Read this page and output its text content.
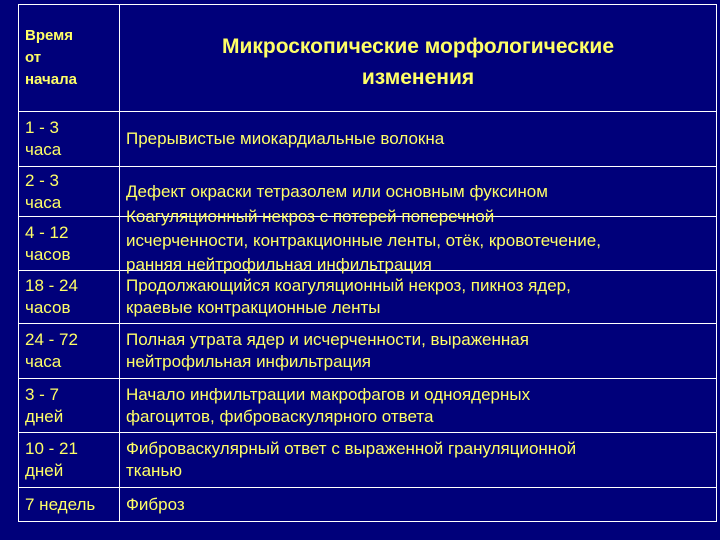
Время
от
начала	Микроскопические морфологические
изменения
1 - 3
часа	Прерывистые миокардиальные волокна
2 - 3
часа	Дефект окраски тетразолем или основным фуксином
4 - 12
часов	Коагуляционный некроз с потерей поперечной
исчерченности, контракционные ленты, отёк, кровотечение,
ранняя нейтрофильная инфильтрация

18 - 24
часов	Продолжающийся коагуляционный некроз, пикноз ядер,
краевые контракционные ленты
24 - 72
часа	Полная утрата ядер и исчерченности, выраженная
нейтрофильная инфильтрация
3 - 7
дней	Начало инфильтрации макрофагов и одноядерных
фагоцитов, фибровaскулярного ответа
10 - 21
дней	Фибровaскулярный ответ с выраженной грануляционной
тканью
7 недель	Фиброз
